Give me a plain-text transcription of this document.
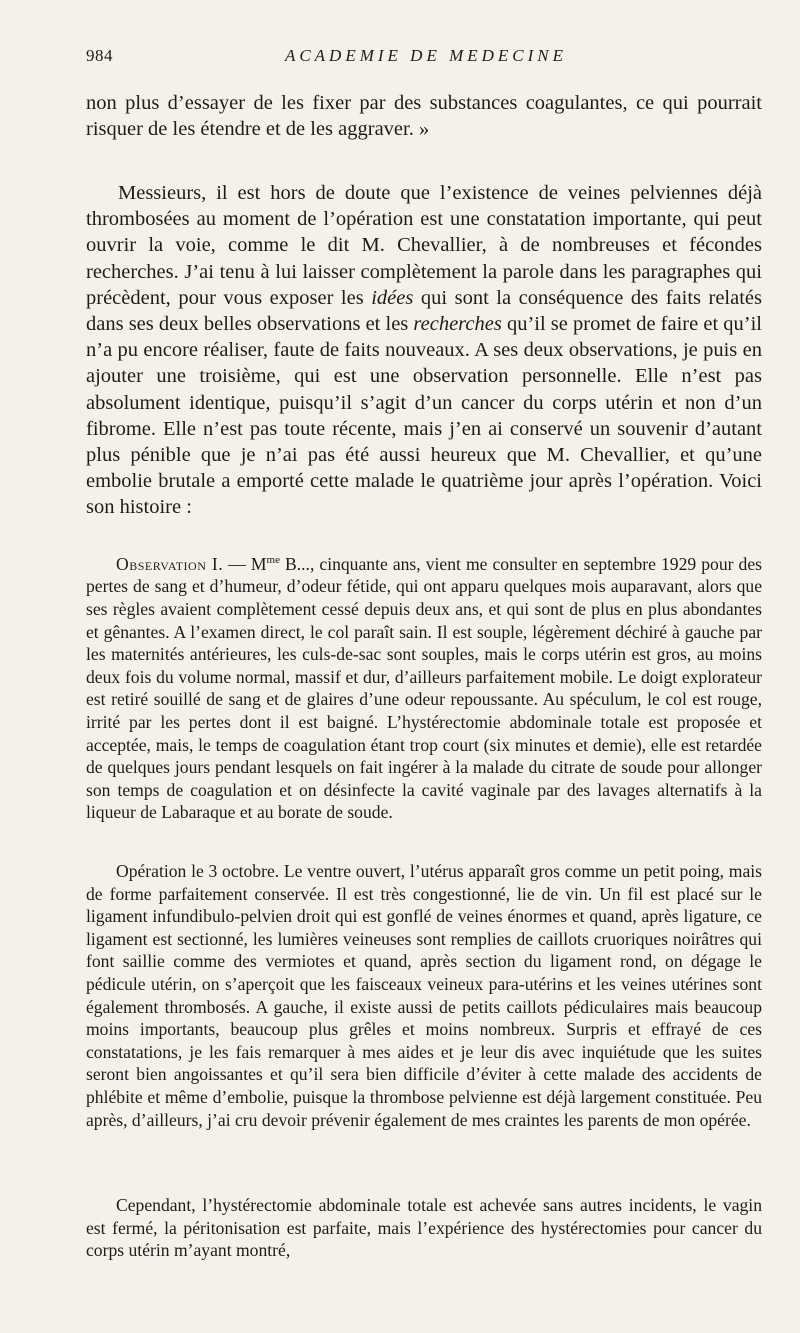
984	ACADEMIE DE MEDECINE

non plus d’essayer de les fixer par des substances coagulantes, ce qui pourrait risquer de les étendre et de les aggraver. »

Messieurs, il est hors de doute que l’existence de veines pelviennes déjà thrombosées au moment de l’opération est une constatation importante, qui peut ouvrir la voie, comme le dit M. Chevallier, à de nombreuses et fécondes recherches. J’ai tenu à lui laisser complètement la parole dans les paragraphes qui précèdent, pour vous exposer les idées qui sont la conséquence des faits relatés dans ses deux belles observations et les recherches qu’il se promet de faire et qu’il n’a pu encore réaliser, faute de faits nouveaux. A ses deux observations, je puis en ajouter une troisième, qui est une observation personnelle. Elle n’est pas absolument identique, puisqu’il s’agit d’un cancer du corps utérin et non d’un fibrome. Elle n’est pas toute récente, mais j’en ai conservé un souvenir d’autant plus pénible que je n’ai pas été aussi heureux que M. Chevallier, et qu’une embolie brutale a emporté cette malade le quatrième jour après l’opération. Voici son histoire :

Observation I. — $M^{me}$ B..., cinquante ans, vient me consulter en septembre 1929 pour des pertes de sang et d’humeur, d’odeur fétide, qui ont apparu quelques mois auparavant, alors que ses règles avaient complètement cessé depuis deux ans, et qui sont de plus en plus abondantes et gênantes. A l’examen direct, le col paraît sain. Il est souple, légèrement déchiré à gauche par les maternités antérieures, les culs-de-sac sont souples, mais le corps utérin est gros, au moins deux fois du volume normal, massif et dur, d’ailleurs parfaitement mobile. Le doigt explorateur est retiré souillé de sang et de glaires d’une odeur repoussante. Au spéculum, le col est rouge, irrité par les pertes dont il est baigné. L’hystérectomie abdominale totale est proposée et acceptée, mais, le temps de coagulation étant trop court (six minutes et demie), elle est retardée de quelques jours pendant lesquels on fait ingérer à la malade du citrate de soude pour allonger son temps de coagulation et on désinfecte la cavité vaginale par des lavages alternatifs à la liqueur de Labaraque et au borate de soude.

Opération le 3 octobre. Le ventre ouvert, l’utérus apparaît gros comme un petit poing, mais de forme parfaitement conservée. Il est très congestionné, lie de vin. Un fil est placé sur le ligament infundibulo-pelvien droit qui est gonflé de veines énormes et quand, après ligature, ce ligament est sectionné, les lumières veineuses sont remplies de caillots cruoriques noirâtres qui font saillie comme des vermiotes et quand, après section du ligament rond, on dégage le pédicule utérin, on s’aperçoit que les faisceaux veineux para-utérins et les veines utérines sont également thrombosés. A gauche, il existe aussi de petits caillots pédiculaires mais beaucoup moins importants, beaucoup plus grêles et moins nombreux. Surpris et effrayé de ces constatations, je les fais remarquer à mes aides et je leur dis avec inquiétude que les suites seront bien angoissantes et qu’il sera bien difficile d’éviter à cette malade des accidents de phlébite et même d’embolie, puisque la thrombose pelvienne est déjà largement constituée. Peu après, d’ailleurs, j’ai cru devoir prévenir également de mes craintes les parents de mon opérée.

Cependant, l’hystérectomie abdominale totale est achevée sans autres incidents, le vagin est fermé, la péritonisation est parfaite, mais l’expérience des hystérectomies pour cancer du corps utérin m’ayant montré,
